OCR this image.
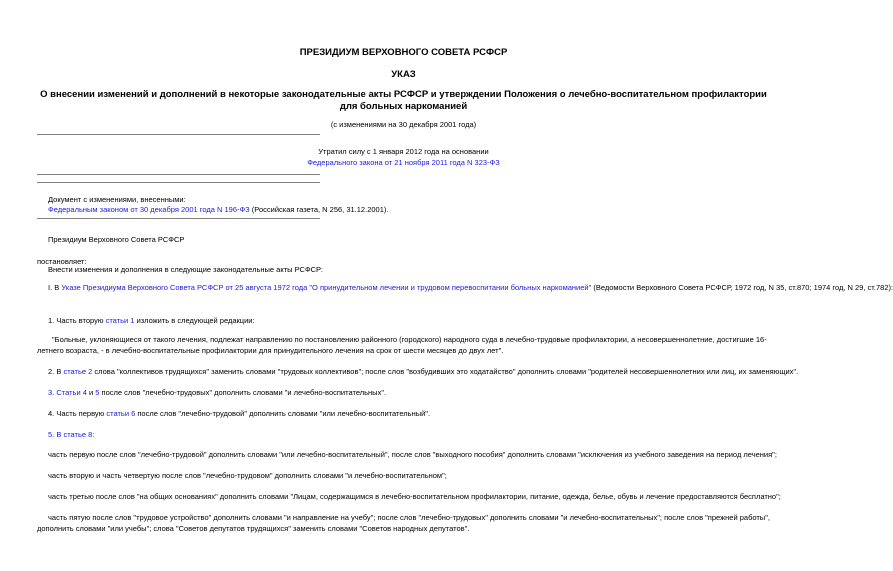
ПРЕЗИДИУМ ВЕРХОВНОГО СОВЕТА РСФСР
УКАЗ
О внесении изменений и дополнений в некоторые законодательные акты РСФСР и утверждении Положения о лечебно-воспитательном профилактории для больных наркоманией
(с изменениями на 30 декабря 2001 года)
Утратил силу с 1 января 2012 года на основании
Федерального закона от 21 ноября 2011 года N 323-ФЗ
Документ с изменениями, внесенными:
Федеральным законом от 30 декабря 2001 года N 196-ФЗ (Российская газета, N 256, 31.12.2001).
Президиум Верховного Совета РСФСР
постановляет:
Внести изменения и дополнения в следующие законодательные акты РСФСР:
I. В Указе Президиума Верховного Совета РСФСР от 25 августа 1972 года "О принудительном лечении и трудовом перевоспитании больных наркоманией" (Ведомости Верховного Совета РСФСР, 1972 год, N 35, ст.870; 1974 год, N 29, ст.782):
1. Часть вторую статьи 1 изложить в следующей редакции:
"Больные, уклоняющиеся от такого лечения, подлежат направлению по постановлению районного (городского) народного суда в лечебно-трудовые профилактории, а несовершеннолетние, достигшие 16-летнего возраста, - в лечебно-воспитательные профилактории для принудительного лечения на срок от шести месяцев до двух лет".
2. В статье 2 слова "коллективов трудящихся" заменить словами "трудовых коллективов"; после слов "возбудивших это ходатайство" дополнить словами "родителей несовершеннолетних или лиц, их заменяющих".
3. Статьи 4 и 5 после слов "лечебно-трудовых" дополнить словами "и лечебно-воспитательных".
4. Часть первую статьи 6 после слов "лечебно-трудовой" дополнить словами "или лечебно-воспитательный".
5. В статье 8:
часть первую после слов "лечебно-трудовой" дополнить словами "или лечебно-воспитательный", после слов "выходного пособия" дополнить словами "исключения из учебного заведения на период лечения";
часть вторую и часть четвертую после слов "лечебно-трудовом" дополнить словами "и лечебно-воспитательном";
часть третью после слов "на общих основаниях" дополнить словами "Лицам, содержащимся в лечебно-воспитательном профилактории, питание, одежда, белье, обувь и лечение предоставляются бесплатно";
часть пятую после слов "трудовое устройство" дополнить словами "и направление на учебу"; после слов "лечебно-трудовых" дополнить словами "и лечебно-воспитательных"; после слов "прежней работы", дополнить словами "или учебы"; слова "Советов депутатов трудящихся" заменить словами "Советов народных депутатов".
